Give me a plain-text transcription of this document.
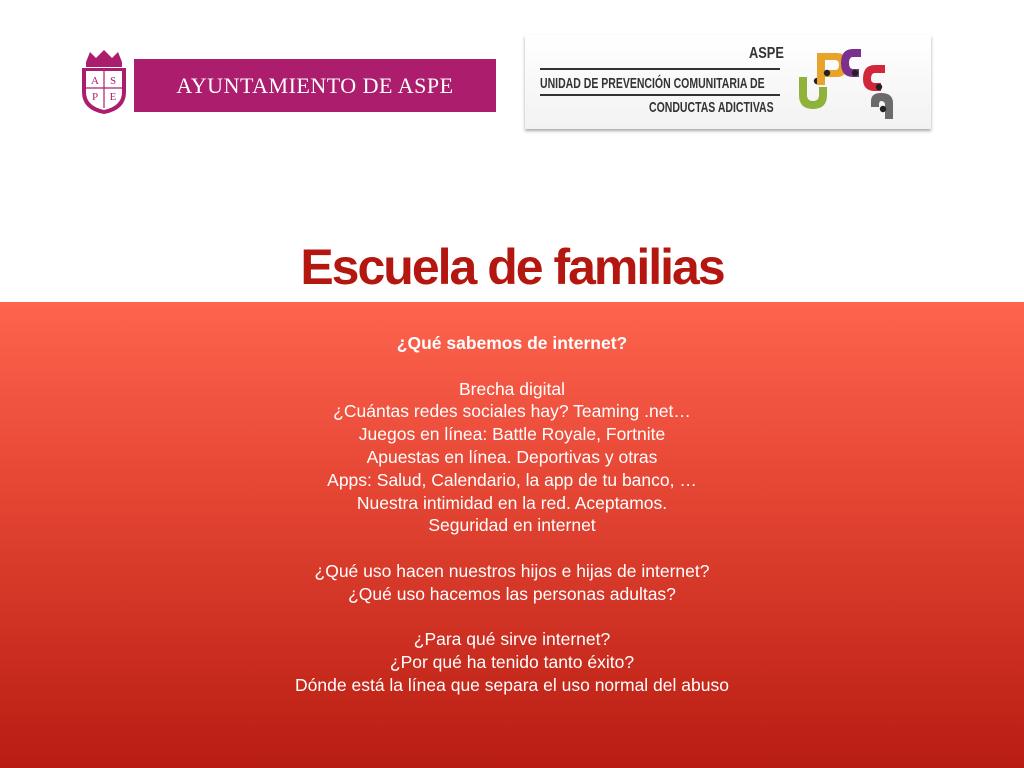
A S
P E	AYUNTAMIENTO DE ASPE
ASPE
UNIDAD DE PREVENCIÓN COMUNITARIA DE
CONDUCTAS ADICTIVAS
Escuela de familias
¿Qué sabemos de internet?
Brecha digital
¿Cuántas redes sociales hay? Teaming .net…
Juegos en línea: Battle Royale, Fortnite
Apuestas en línea. Deportivas y otras
Apps: Salud, Calendario, la app de tu banco, …
Nuestra intimidad en la red. Aceptamos.
Seguridad en internet
¿Qué uso hacen nuestros hijos e hijas de internet?
¿Qué uso hacemos las personas adultas?
¿Para qué sirve internet?
¿Por qué ha tenido tanto éxito?
Dónde está la línea que separa el uso normal del abuso
